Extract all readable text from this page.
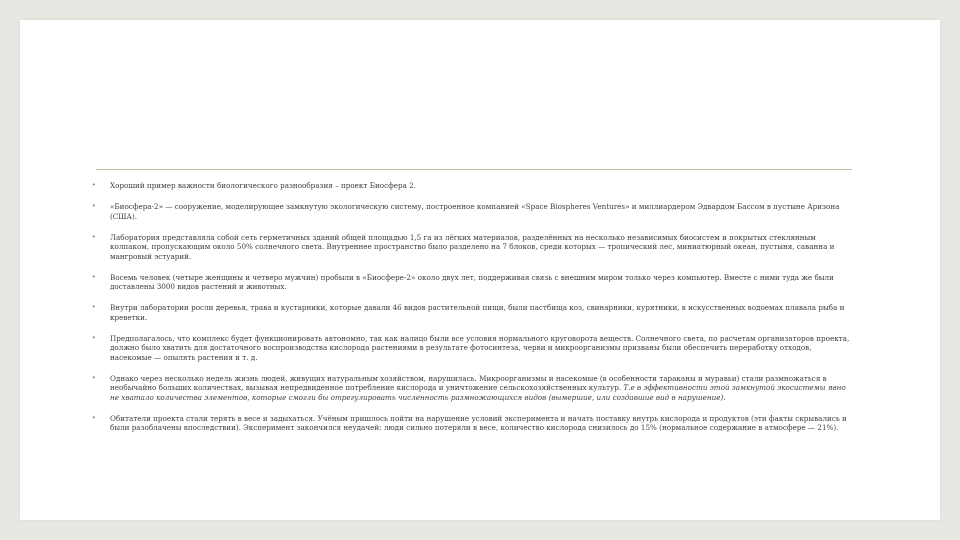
• Хороший пример важности биологического разнообразия – проект Биосфера 2.
• «Биосфера-2» — сооружение, моделирующее замкнутую экологическую систему, построенное компанией «Space Biospheres Ventures» и миллиардером Эдвардом Бассом в пустыне Аризона (США).
• Лаборатория представляла собой сеть герметичных зданий общей площадью 1,5 га из лёгких материалов, разделённых на несколько независимых биосистем и покрытых стеклянным колпаком, пропускающим около 50% солнечного света. Внутреннее пространство было разделено на 7 блоков, среди которых — тропический лес, миниатюрный океан, пустыня, саванна и мангровый эстуарий.
• Восемь человек (четыре женщины и четверо мужчин) пробыли в «Биосфере-2» около двух лет, поддерживая связь с внешним миром только через компьютер. Вместе с ними туда же были доставлены 3000 видов растений и животных.
• Внутри лаборатории росли деревья, трава и кустарники, которые давали 46 видов растительной пищи, были пастбища коз, свинарники, курятники, в искусственных водоемах плавала рыба и креветки.
• Предполагалось, что комплекс будет функционировать автономно, так как налицо были все условия нормального круговорота веществ. Солнечного света, по расчетам организаторов проекта, должно было хватить для достаточного воспроизводства кислорода растениями в результате фотосинтеза, черви и микроорганизмы призваны были обеспечить переработку отходов, насекомые — опылять растения и т. д.
• Однако через несколько недель жизнь людей, живущих натуральным хозяйством, нарушилась. Микроорганизмы и насекомые (в особенности тараканы и муравьи) стали размножаться в необычайно больших количествах, вызывая непредвиденное потребление кислорода и уничтожение сельскохозяйственных культур. Т.е в эффективности этой замкнутой экосистемы явно не хватало количества элементов, которые смогли бы отрегулировать численность размножающихся видов (вымершие, или создавшие вид в нарушение).
• Обитатели проекта стали терять в весе и задыхаться. Учёным пришлось пойти на нарушение условий эксперимента и начать поставку внутрь кислорода и продуктов (эти факты скрывались и были разоблачены впоследствии). Эксперимент закончился неудачей: люди сильно потеряли в весе, количество кислорода снизилось до 15% (нормальное содержание в атмосфере — 21%).
